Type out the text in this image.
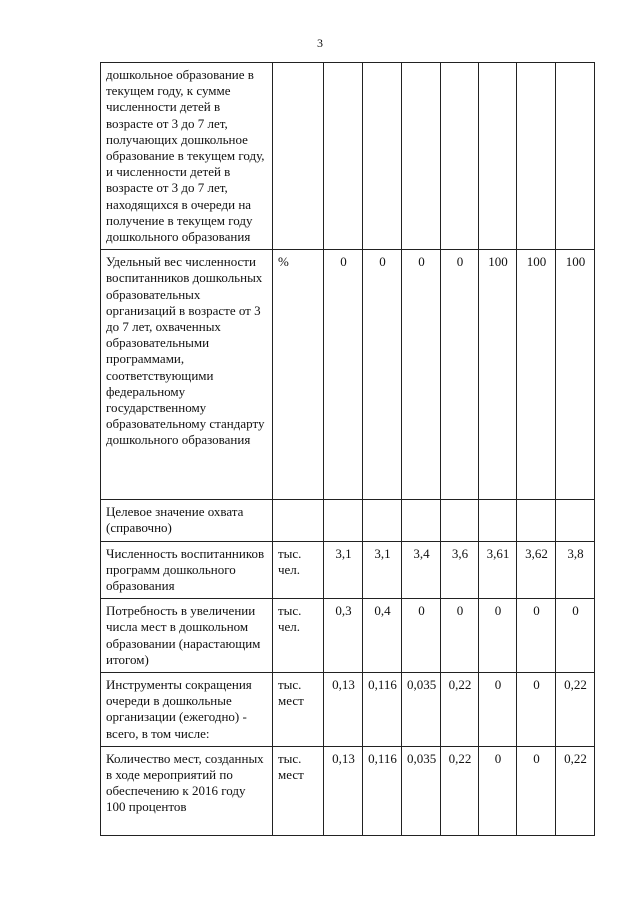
3
дошкольное образование в текущем году, к сумме численности детей в возрасте от 3 до 7 лет, получающих дошкольное образование в текущем году, и численности детей в возрасте от 3 до 7 лет, находящихся в очереди на получение в текущем году дошкольного образования								
Удельный вес численности воспитанников дошкольных образовательных организаций в возрасте от 3 до 7 лет, охваченных образовательными программами, соответствующими федеральному государственному образовательному стандарту дошкольного образования	%	0	0	0	0	100	100	100
Целевое значение охвата (справочно)								
Численность воспитанников программ дошкольного образования	тыс. чел.	3,1	3,1	3,4	3,6	3,61	3,62	3,8
Потребность в увеличении числа мест в дошкольном образовании (нарастающим итогом)	тыс. чел.	0,3	0,4	0	0	0	0	0
Инструменты сокращения очереди в дошкольные организации (ежегодно) - всего, в том числе:	тыс. мест	0,13	0,116	0,035	0,22	0	0	0,22
Количество мест, созданных в ходе мероприятий по обеспечению к 2016 году 100 процентов	тыс. мест	0,13	0,116	0,035	0,22	0	0	0,22
